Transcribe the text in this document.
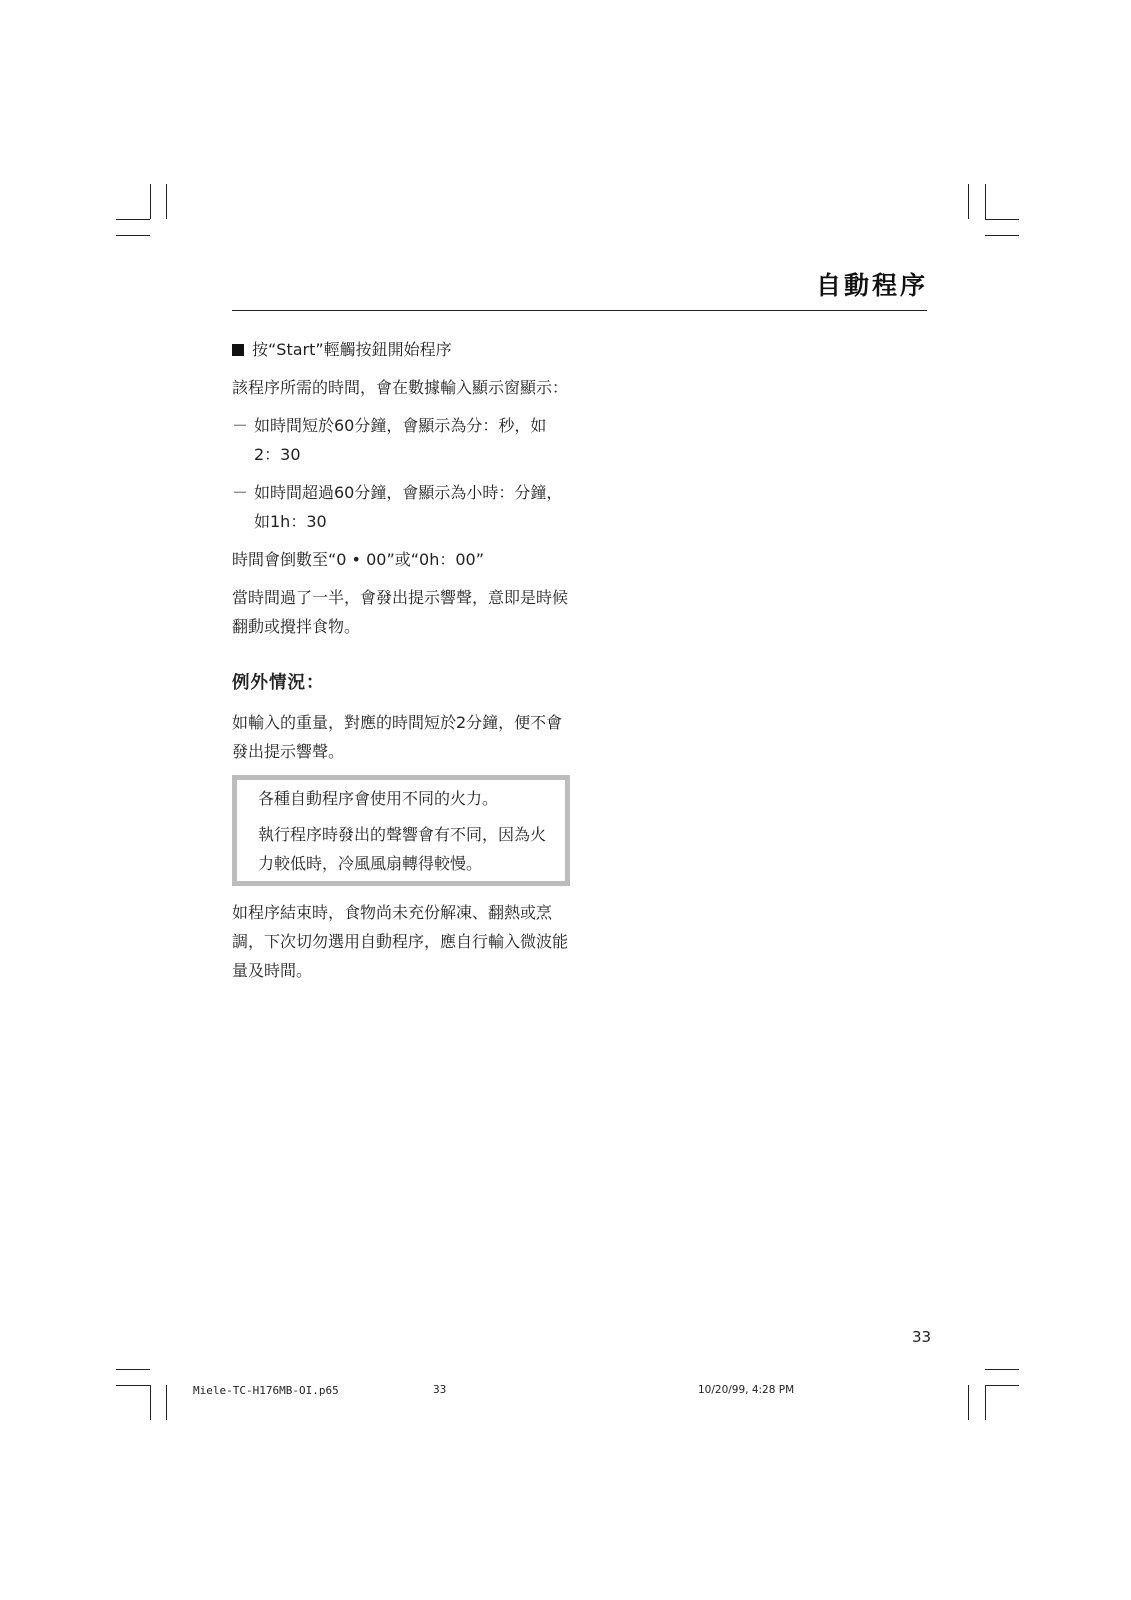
自動程序

按“Start”輕觸按鈕開始程序

該程序所需的時間，會在數據輸入顯示窗顯示：

－ 如時間短於60分鐘，會顯示為分：秒，如2：30
－ 如時間超過60分鐘，會顯示為小時：分鐘，如1h：30

時間會倒數至“0 • 00”或“0h：00”

當時間過了一半，會發出提示響聲，意即是時候翻動或攪拌食物。

例外情況：

如輸入的重量，對應的時間短於2分鐘，便不會發出提示響聲。

各種自動程序會使用不同的火力。

執行程序時發出的聲響會有不同，因為火力較低時，冷風風扇轉得較慢。

如程序結束時，食物尚未充份解凍、翻熱或烹調，下次切勿選用自動程序，應自行輸入微波能量及時間。

33
Miele-TC-H176MB-OI.p65	33	10/20/99, 4:28 PM
